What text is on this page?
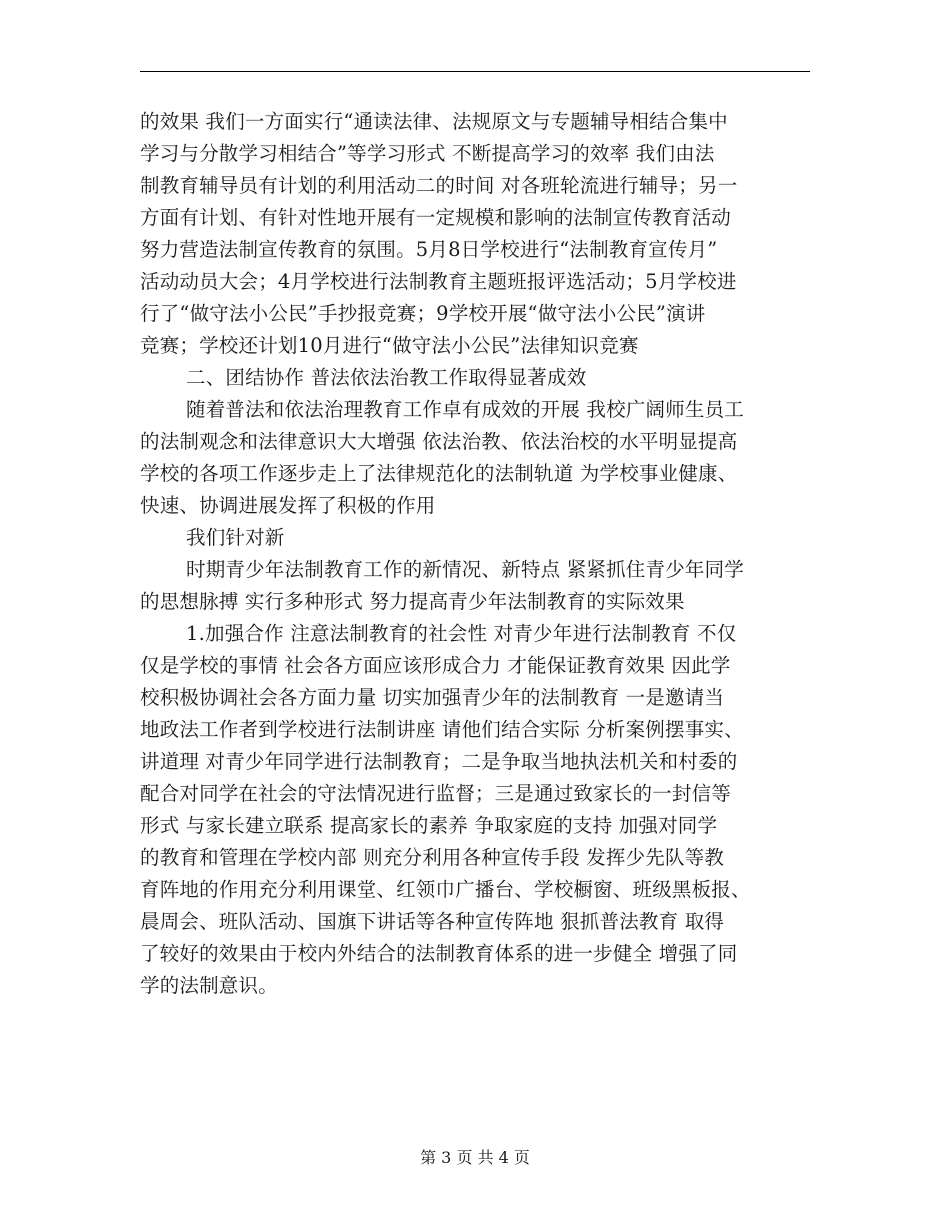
的效果 我们一方面实行“通读法律、法规原文与专题辅导相结合集中
学习与分散学习相结合”等学习形式 不断提高学习的效率 我们由法
制教育辅导员有计划的利用活动二的时间 对各班轮流进行辅导；另一
方面有计划、有针对性地开展有一定规模和影响的法制宣传教育活动
努力营造法制宣传教育的氛围。5月8日学校进行“法制教育宣传月”
活动动员大会；4月学校进行法制教育主题班报评选活动；5月学校进
行了“做守法小公民”手抄报竞赛；9学校开展“做守法小公民”演讲
竞赛；学校还计划10月进行“做守法小公民”法律知识竞赛
二、团结协作 普法依法治教工作取得显著成效
随着普法和依法治理教育工作卓有成效的开展 我校广阔师生员工
的法制观念和法律意识大大增强 依法治教、依法治校的水平明显提高
学校的各项工作逐步走上了法律规范化的法制轨道 为学校事业健康、
快速、协调进展发挥了积极的作用
我们针对新
时期青少年法制教育工作的新情况、新特点 紧紧抓住青少年同学
的思想脉搏 实行多种形式 努力提高青少年法制教育的实际效果
1.加强合作 注意法制教育的社会性 对青少年进行法制教育 不仅
仅是学校的事情 社会各方面应该形成合力 才能保证教育效果 因此学
校积极协调社会各方面力量 切实加强青少年的法制教育 一是邀请当
地政法工作者到学校进行法制讲座 请他们结合实际 分析案例摆事实、
讲道理 对青少年同学进行法制教育；二是争取当地执法机关和村委的
配合对同学在社会的守法情况进行监督；三是通过致家长的一封信等
形式 与家长建立联系 提高家长的素养 争取家庭的支持 加强对同学
的教育和管理在学校内部 则充分利用各种宣传手段 发挥少先队等教
育阵地的作用充分利用课堂、红领巾广播台、学校橱窗、班级黑板报、
晨周会、班队活动、国旗下讲话等各种宣传阵地 狠抓普法教育 取得
了较好的效果由于校内外结合的法制教育体系的进一步健全 增强了同
学的法制意识。
第 3 页 共 4 页
